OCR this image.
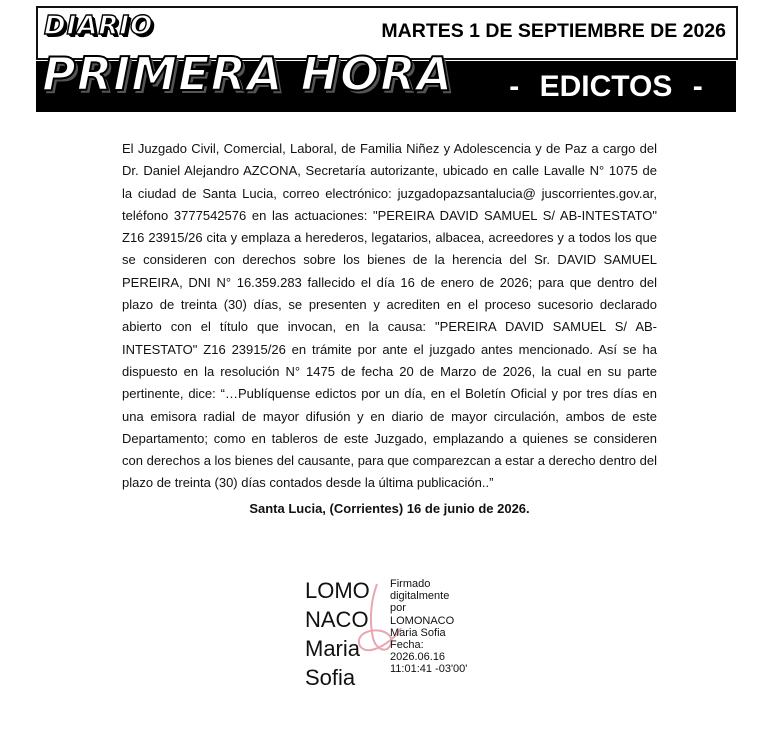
DIARIO
PRIMERA HORA
MARTES 1 DE SEPTIEMBRE DE 2026
- EDICTOS -

El Juzgado Civil, Comercial, Laboral, de Familia Niñez y Adolescencia y de Paz a cargo del Dr. Daniel Alejandro AZCONA, Secretaría autorizante, ubicado en calle Lavalle N° 1075 de la ciudad de Santa Lucia, correo electrónico: juzgadopazsantalucia@ juscorrientes.gov.ar, teléfono 3777542576 en las actuaciones: "PEREIRA DAVID SAMUEL S/ AB-INTESTATO" Z16 23915/26 cita y emplaza a herederos, legatarios, albacea, acreedores y a todos los que se consideren con derechos sobre los bienes de la herencia del Sr. DAVID SAMUEL PEREIRA, DNI N° 16.359.283 fallecido el día 16 de enero de 2026; para que dentro del plazo de treinta (30) días, se presenten y acrediten en el proceso sucesorio declarado abierto con el título que invocan, en la causa: "PEREIRA DAVID SAMUEL S/ AB-INTESTATO" Z16 23915/26 en trámite por ante el juzgado antes mencionado. Así se ha dispuesto en la resolución N° 1475 de fecha 20 de Marzo de 2026, la cual en su parte pertinente, dice: “…Publíquense edictos por un día, en el Boletín Oficial y por tres días en una emisora radial de mayor difusión y en diario de mayor circulación, ambos de este Departamento; como en tableros de este Juzgado, emplazando a quienes se consideren con derechos a los bienes del causante, para que comparezcan a estar a derecho dentro del plazo de treinta (30) días contados desde la última publicación..”

Santa Lucia, (Corrientes) 16 de junio de 2026.
LOMO
NACO
Maria
Sofia
Firmado
digitalmente
por
LOMONACO
Maria Sofia
Fecha:
2026.06.16
11:01:41 -03'00'
